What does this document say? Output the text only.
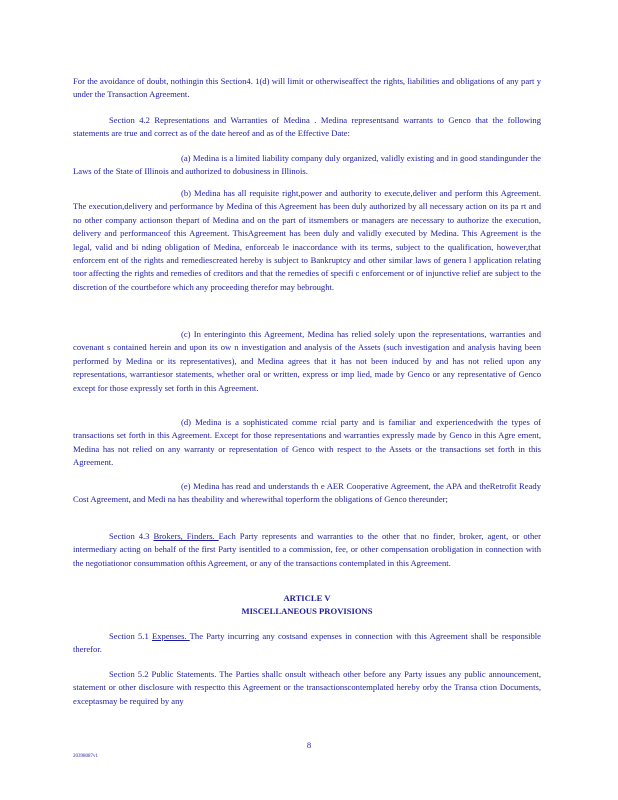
For the avoidance of doubt, nothingin this Section4. 1(d) will limit or otherwiseaffect the rights, liabilities and obligations of any part y under the Transaction Agreement.

Section 4.2 Representations and Warranties of Medina . Medina representsand warrants to Genco that the following statements are true and correct as of the date hereof and as of the Effective Date:

(a) Medina is a limited liability company duly organized, validly existing and in good standingunder the Laws of the State of Illinois and authorized to dobusiness in Illinois.

(b) Medina has all requisite right,power and authority to execute,deliver and perform this Agreement. The execution,delivery and performance by Medina of this Agreement has been duly authorized by all necessary action on its pa rt and no other company actionson thepart of Medina and on the part of itsmembers or managers are necessary to authorize the execution, delivery and performanceof this Agreement. ThisAgreement has been duly and validly executed by Medina. This Agreement is the legal, valid and bi nding obligation of Medina, enforceab le inaccordance with its terms, subject to the qualification, however,that enforcem ent of the rights and remediescreated hereby is subject to Bankruptcy and other similar laws of genera l application relating toor affecting the rights and remedies of creditors and that the remedies of specifi c enforcement or of injunctive relief are subject to the discretion of the courtbefore which any proceeding therefor may bebrought.

(c) In enteringinto this Agreement, Medina has relied solely upon the representations, warranties and covenant s contained herein and upon its ow n investigation and analysis of the Assets (such investigation and analysis having been performed by Medina or its representatives), and Medina agrees that it has not been induced by and has not relied upon any representations, warrantiesor statements, whether oral or written, express or imp lied, made by Genco or any representative of Genco except for those expressly set forth in this Agreement.

(d) Medina is a sophisticated comme rcial party and is familiar and experiencedwith the types of transactions set forth in this Agreement. Except for those representations and warranties expressly made by Genco in this Agre ement, Medina has not relied on any warranty or representation of Genco with respect to the Assets or the transactions set forth in this Agreement.

(e) Medina has read and understands th e AER Cooperative Agreement, the APA and theRetrofit Ready Cost Agreement, and Medi na has theability and wherewithal toperform the obligations of Genco thereunder;

Section 4.3 Brokers, Finders. Each Party represents and warranties to the other that no finder, broker, agent, or other intermediary acting on behalf of the first Party isentitled to a commission, fee, or other compensation orobligation in connection with the negotiationor consummation ofthis Agreement, or any of the transactions contemplated in this Agreement.

ARTICLE V
MISCELLANEOUS PROVISIONS

Section 5.1 Expenses. The Party incurring any costsand expenses in connection with this Agreement shall be responsible therefor.

Section 5.2 Public Statements. The Parties shallc onsult witheach other before any Party issues any public announcement, statement or other disclosure with respectto this Agreement or the transactionscontemplated hereby orby the Transa ction Documents, exceptasmay be required by any

8

20398087v1
